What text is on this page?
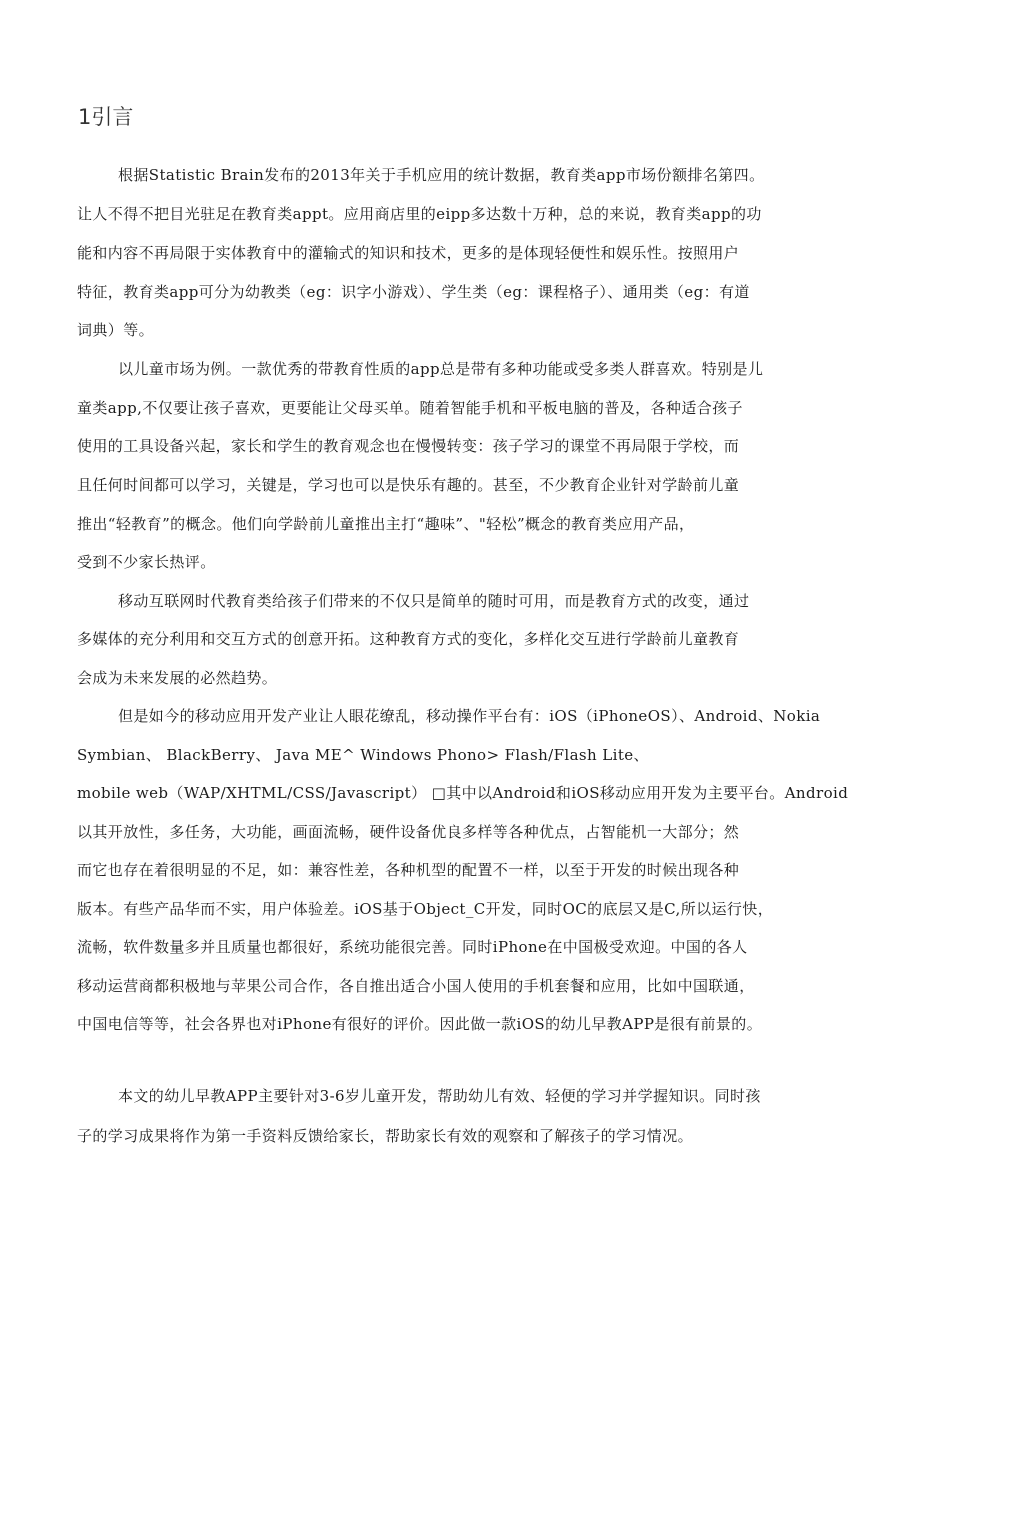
1引言
根据Statistic Brain发布的2013年关于手机应用的统计数据，教育类app市场份额排名第四。
让人不得不把目光驻足在教育类appt。应用商店里的eipp多达数十万种，总的来说，教育类app的功
能和内容不再局限于实体教育中的灌输式的知识和技术，更多的是体现轻便性和娱乐性。按照用户
特征，教育类app可分为幼教类（eg：识字小游戏）、学生类（eg：课程格子）、通用类（eg：有道
词典）等。
以儿童市场为例。一款优秀的带教育性质的app总是带有多种功能或受多类人群喜欢。特别是儿
童类app,不仅要让孩子喜欢，更要能让父母买单。随着智能手机和平板电脑的普及，各种适合孩子
使用的工具设备兴起，家长和学生的教育观念也在慢慢转变：孩子学习的课堂不再局限于学校，而
且任何时间都可以学习，关键是，学习也可以是快乐有趣的。甚至，不少教育企业针对学龄前儿童
推出“轻教育”的概念。他们向学龄前儿童推出主打“趣味”、"轻松”概念的教育类应用产品，
受到不少家长热评。
移动互联网时代教育类给孩子们带来的不仅只是简单的随时可用，而是教育方式的改变，通过
多媒体的充分利用和交互方式的创意开拓。这种教育方式的变化，多样化交互进行学龄前儿童教育
会成为未来发展的必然趋势。
但是如今的移动应用开发产业让人眼花缭乱，移动操作平台有：iOS（iPhoneOS）、Android、Nokia
Symbian、 BlackBerry、 Java ME^ Windows Phono> Flash/Flash Lite、
mobile web（WAP/XHTML/CSS/Javascript） □其中以Android和iOS移动应用开发为主要平台。Android
以其开放性，多任务，大功能，画面流畅，硬件设备优良多样等各种优点，占智能机一大部分；然
而它也存在着很明显的不足，如：兼容性差，各种机型的配置不一样，以至于开发的时候出现各种
版本。有些产品华而不实，用户体验差。iOS基于Object_C开发，同时OC的底层又是C,所以运行快，
流畅，软件数量多并且质量也都很好，系统功能很完善。同时iPhone在中国极受欢迎。中国的各人
移动运营商都积极地与苹果公司合作，各自推出适合小国人使用的手机套餐和应用，比如中国联通，
中国电信等等，社会各界也对iPhone有很好的评价。因此做一款iOS的幼儿早教APP是很有前景的。
本文的幼儿早教APP主要针对3-6岁儿童开发，帮助幼儿有效、轻便的学习并学握知识。同时孩
子的学习成果将作为第一手资料反馈给家长，帮助家长有效的观察和了解孩子的学习情况。
